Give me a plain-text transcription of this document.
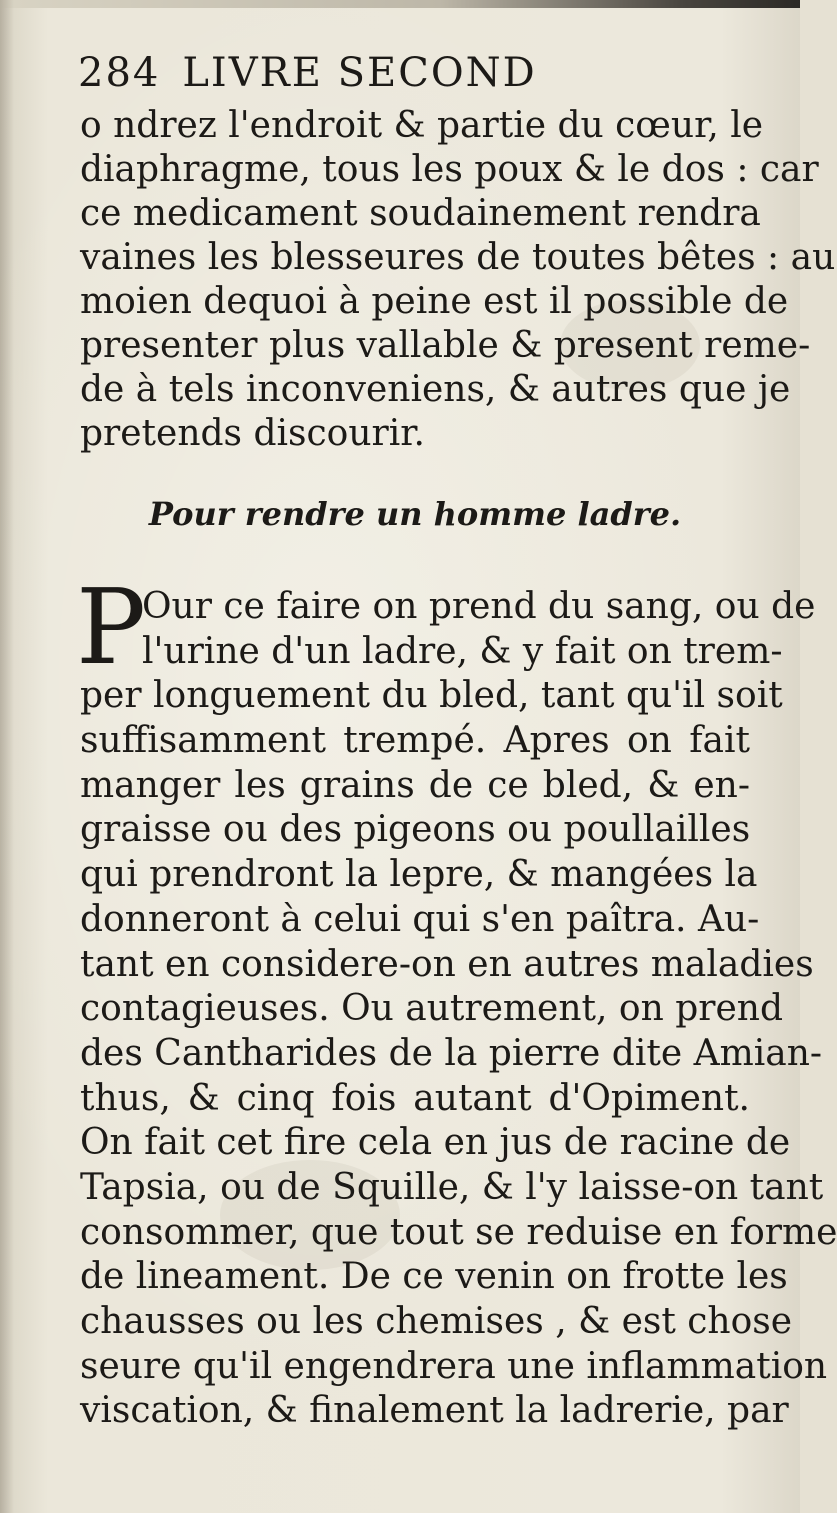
284 LIVRE SECOND
o ndrez l'endroit & partie du cœur, le
diaphragme, tous les poux & le dos : car
ce medicament soudainement rendra
vaines les blesseures de toutes bêtes : au
moien dequoi à peine est il possible de
presenter plus vallable & present reme-
de à tels inconveniens, & autres que je
pretends discourir.
Pour rendre un homme ladre.
P
Our ce faire on prend du sang, ou de
l'urine d'un ladre, & y fait on trem-
per longuement du bled, tant qu'il soit
suffisamment trempé. Apres on fait
manger les grains de ce bled, & en-
graisse ou des pigeons ou poullailles
qui prendront la lepre, & mangées la
donneront à celui qui s'en paîtra. Au-
tant en considere-on en autres maladies
contagieuses. Ou autrement, on prend
des Cantharides de la pierre dite Amian-
thus, & cinq fois autant d'Opiment.
On fait cet fire cela en jus de racine de
Tapsia, ou de Squille, & l'y laisse-on tant
consommer, que tout se reduise en forme
de lineament. De ce venin on frotte les
chausses ou les chemises , & est chose
seure qu'il engendrera une inflammation
viscation, & finalement la ladrerie, par
